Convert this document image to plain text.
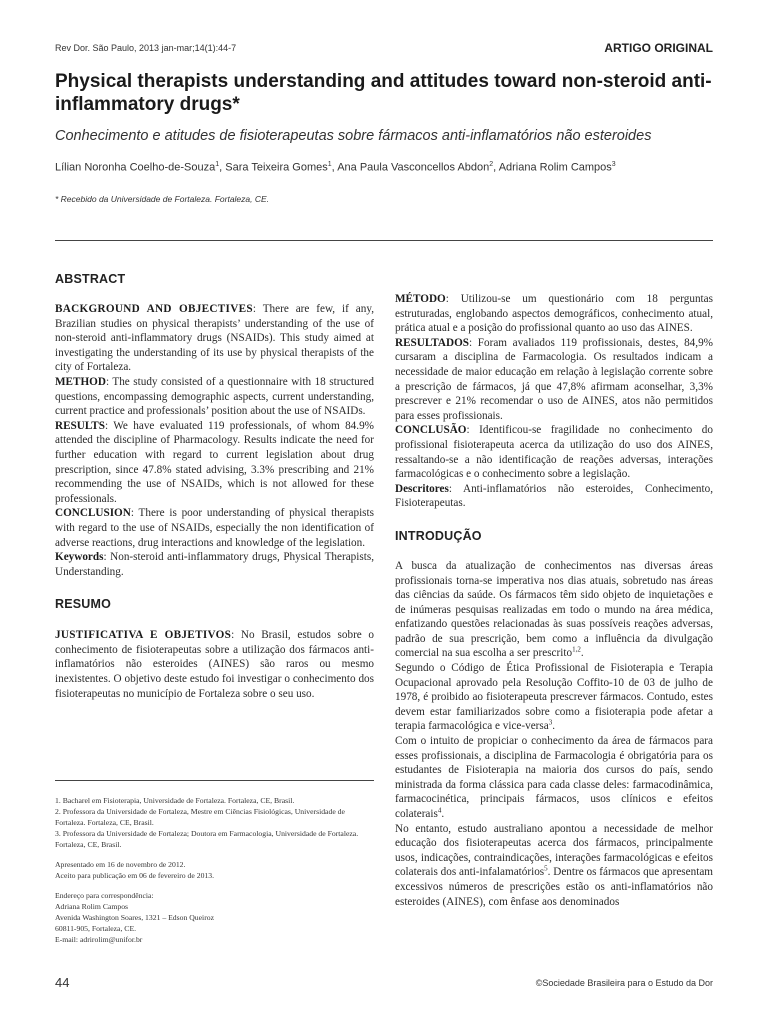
Rev Dor. São Paulo, 2013 jan-mar;14(1):44-7	ARTIGO ORIGINAL
Physical therapists understanding and attitudes toward non-steroid anti-inflammatory drugs*
Conhecimento e atitudes de fisioterapeutas sobre fármacos anti-inflamatórios não esteroides
Lílian Noronha Coelho-de-Souza$^1$, Sara Teixeira Gomes$^1$, Ana Paula Vasconcellos Abdon$^2$, Adriana Rolim Campos$^3$
* Recebido da Universidade de Fortaleza. Fortaleza, CE.
ABSTRACT

BACKGROUND AND OBJECTIVES: There are few, if any, Brazilian studies on physical therapists’ understanding of the use of non-steroid anti-inflammatory drugs (NSAIDs). This study aimed at investigating the understanding of its use by physical therapists of the city of Fortaleza.

METHOD: The study consisted of a questionnaire with 18 structured questions, encompassing demographic aspects, current understanding, current practice and professionals’ position about the use of NSAIDs.

RESULTS: We have evaluated 119 professionals, of whom 84.9% attended the discipline of Pharmacology. Results indicate the need for further education with regard to current legislation about drug prescription, since 47.8% stated advising, 3.3% prescribing and 21% recommending the use of NSAIDs, which is not allowed for these professionals.

CONCLUSION: There is poor understanding of physical therapists with regard to the use of NSAIDs, especially the non identification of adverse reactions, drug interactions and knowledge of the legislation.

Keywords: Non-steroid anti-inflammatory drugs, Physical Therapists, Understanding.

RESUMO

JUSTIFICATIVA E OBJETIVOS: No Brasil, estudos sobre o conhecimento de fisioterapeutas sobre a utilização dos fármacos anti-inflamatórios não esteroides (AINES) são raros ou mesmo inexistentes. O objetivo deste estudo foi investigar o conhecimento dos fisioterapeutas no município de Fortaleza sobre o seu uso.

1. Bacharel em Fisioterapia, Universidade de Fortaleza. Fortaleza, CE, Brasil.

2. Professora da Universidade de Fortaleza, Mestre em Ciências Fisiológicas, Universidade de Fortaleza. Fortaleza, CE, Brasil.

3. Professora da Universidade de Fortaleza; Doutora em Farmacologia, Universidade de Fortaleza. Fortaleza, CE, Brasil.

Apresentado em 16 de novembro de 2012.

Aceito para publicação em 06 de fevereiro de 2013.

Endereço para correspondência:

Adriana Rolim Campos

Avenida Washington Soares, 1321 – Edson Queiroz

60811-905, Fortaleza, CE.

E-mail: adrirolim@unifor.br

MÉTODO: Utilizou-se um questionário com 18 perguntas estruturadas, englobando aspectos demográficos, conhecimento atual, prática atual e a posição do profissional quanto ao uso das AINES.

RESULTADOS: Foram avaliados 119 profissionais, destes, 84,9% cursaram a disciplina de Farmacologia. Os resultados indicam a necessidade de maior educação em relação à legislação corrente sobre a prescrição de fármacos, já que 47,8% afirmam aconselhar, 3,3% prescrever e 21% recomendar o uso de AINES, atos não permitidos para esses profissionais.

CONCLUSÃO: Identificou-se fragilidade no conhecimento do profissional fisioterapeuta acerca da utilização do uso dos AINES, ressaltando-se a não identificação de reações adversas, interações farmacológicas e o conhecimento sobre a legislação.

Descritores: Anti-inflamatórios não esteroides, Conhecimento, Fisioterapeutas.

INTRODUÇÃO

A busca da atualização de conhecimentos nas diversas áreas profissionais torna-se imperativa nos dias atuais, sobretudo nas áreas das ciências da saúde. Os fármacos têm sido objeto de inquietações e de inúmeras pesquisas realizadas em todo o mundo na área médica, enfatizando questões relacionadas às suas possíveis reações adversas, padrão de sua prescrição, bem como a influência da divulgação comercial na sua escolha a ser prescrito$^{1,2}$.

Segundo o Código de Ética Profissional de Fisioterapia e Terapia Ocupacional aprovado pela Resolução Coffito-10 de 03 de julho de 1978, é proibido ao fisioterapeuta prescrever fármacos. Contudo, estes devem estar familiarizados sobre como a fisioterapia pode afetar a terapia farmacológica e vice-versa$^3$.

Com o intuito de propiciar o conhecimento da área de fármacos para esses profissionais, a disciplina de Farmacologia é obrigatória para os estudantes de Fisioterapia na maioria dos cursos do país, sendo ministrada da forma clássica para cada classe deles: farmacodinâmica, farmacocinética, principais fármacos, usos clínicos e efeitos colaterais$^4$.

No entanto, estudo australiano apontou a necessidade de melhor educação dos fisioterapeutas acerca dos fármacos, principalmente usos, indicações, contraindicações, interações farmacológicas e efeitos colaterais dos anti-infalamatórios$^5$. Dentre os fármacos que apresentam excessivos números de prescrições estão os anti-inflamatórios não esteroides (AINES), com ênfase aos denominados

44	©Sociedade Brasileira para o Estudo da Dor
